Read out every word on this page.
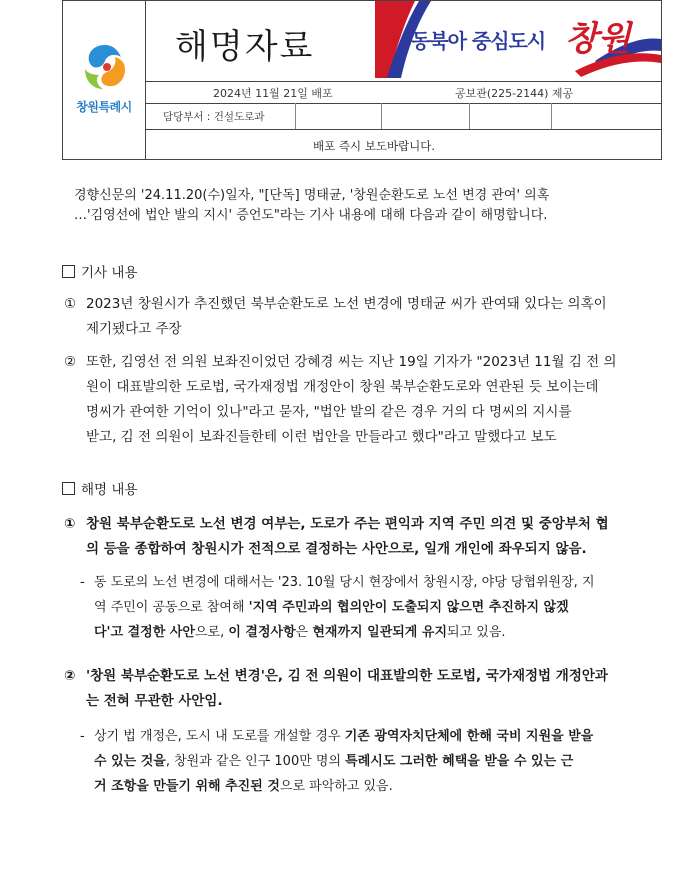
창원특례시
해명자료	동북아 중심도시 창원
2024년 11월 21일 배포	공보관(225-2144) 제공
담당부서 : 건설도로과
배포 즉시 보도바랍니다.
경향신문의 '24.11.20(수)일자, "[단독] 명태균, '창원순환도로 노선 변경 관여' 의혹
…'김영선에 법안 발의 지시' 증언도"라는 기사 내용에 대해 다음과 같이 해명합니다.
기사 내용
① 2023년 창원시가 추진했던 북부순환도로 노선 변경에 명태균 씨가 관여돼 있다는 의혹이
제기됐다고 주장
② 또한, 김영선 전 의원 보좌진이었던 강혜경 씨는 지난 19일 기자가 "2023년 11월 김 전 의
원이 대표발의한 도로법, 국가재정법 개정안이 창원 북부순환도로와 연관된 듯 보이는데
명씨가 관여한 기억이 있나"라고 묻자, "법안 발의 같은 경우 거의 다 명씨의 지시를
받고, 김 전 의원이 보좌진들한테 이런 법안을 만들라고 했다"라고 말했다고 보도
해명 내용
① 창원 북부순환도로 노선 변경 여부는, 도로가 주는 편익과 지역 주민 의견 및 중앙부처 협
의 등을 종합하여 창원시가 전적으로 결정하는 사안으로, 일개 개인에 좌우되지 않음.
- 동 도로의 노선 변경에 대해서는 '23. 10월 당시 현장에서 창원시장, 야당 당협위원장, 지
역 주민이 공동으로 참여해 '지역 주민과의 협의안이 도출되지 않으면 추진하지 않겠
다'고 결정한 사안으로, 이 결정사항은 현재까지 일관되게 유지되고 있음.
② '창원 북부순환도로 노선 변경'은, 김 전 의원이 대표발의한 도로법, 국가재정법 개정안과
는 전혀 무관한 사안임.
- 상기 법 개정은, 도시 내 도로를 개설할 경우 기존 광역자치단체에 한해 국비 지원을 받을
수 있는 것을, 창원과 같은 인구 100만 명의 특례시도 그러한 혜택을 받을 수 있는 근
거 조항을 만들기 위해 추진된 것으로 파악하고 있음.
